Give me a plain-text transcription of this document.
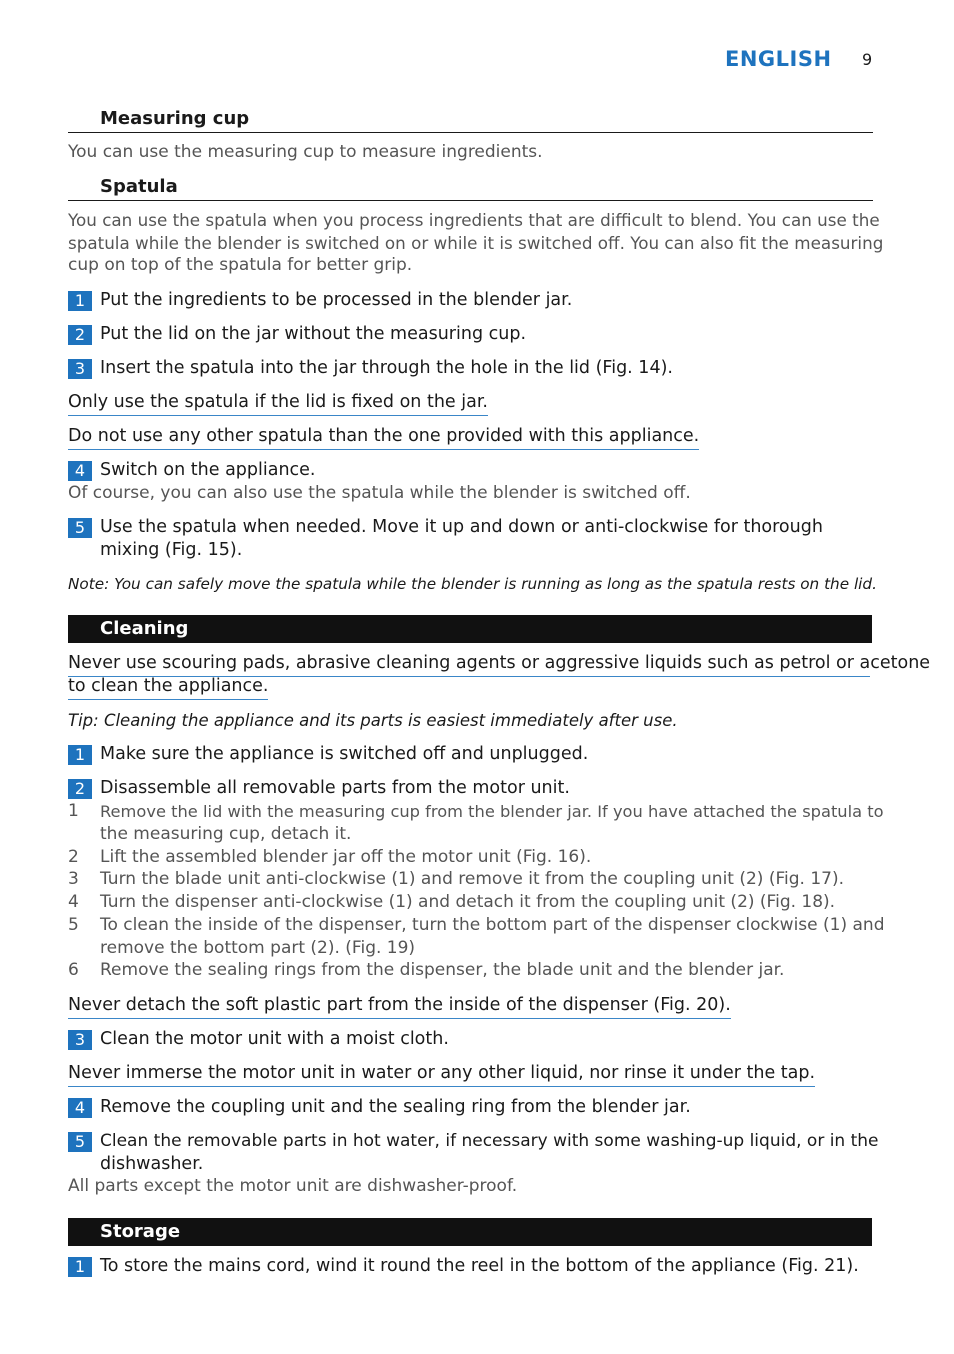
ENGLISH 9
Measuring cup
You can use the measuring cup to measure ingredients.
Spatula
You can use the spatula when you process ingredients that are difficult to blend. You can use the
spatula while the blender is switched on or while it is switched off. You can also fit the measuring
cup on top of the spatula for better grip.
1 Put the ingredients to be processed in the blender jar.
2 Put the lid on the jar without the measuring cup.
3 Insert the spatula into the jar through the hole in the lid (Fig. 14).
Only use the spatula if the lid is fixed on the jar.
Do not use any other spatula than the one provided with this appliance.
4 Switch on the appliance.
Of course, you can also use the spatula while the blender is switched off.
5 Use the spatula when needed. Move it up and down or anti-clockwise for thorough
mixing (Fig. 15).
Note: You can safely move the spatula while the blender is running as long as the spatula rests on the lid.
Cleaning
Never use scouring pads, abrasive cleaning agents or aggressive liquids such as petrol or acetone
to clean the appliance.
Tip: Cleaning the appliance and its parts is easiest immediately after use.
1 Make sure the appliance is switched off and unplugged.
2 Disassemble all removable parts from the motor unit.
1 Remove the lid with the measuring cup from the blender jar. If you have attached the spatula to
the measuring cup, detach it.
2 Lift the assembled blender jar off the motor unit (Fig. 16).
3 Turn the blade unit anti-clockwise (1) and remove it from the coupling unit (2) (Fig. 17).
4 Turn the dispenser anti-clockwise (1) and detach it from the coupling unit (2) (Fig. 18).
5 To clean the inside of the dispenser, turn the bottom part of the dispenser clockwise (1) and
remove the bottom part (2). (Fig. 19)
6 Remove the sealing rings from the dispenser, the blade unit and the blender jar.
Never detach the soft plastic part from the inside of the dispenser (Fig. 20).
3 Clean the motor unit with a moist cloth.
Never immerse the motor unit in water or any other liquid, nor rinse it under the tap.
4 Remove the coupling unit and the sealing ring from the blender jar.
5 Clean the removable parts in hot water, if necessary with some washing-up liquid, or in the
dishwasher.
All parts except the motor unit are dishwasher-proof.
Storage
1 To store the mains cord, wind it round the reel in the bottom of the appliance (Fig. 21).
